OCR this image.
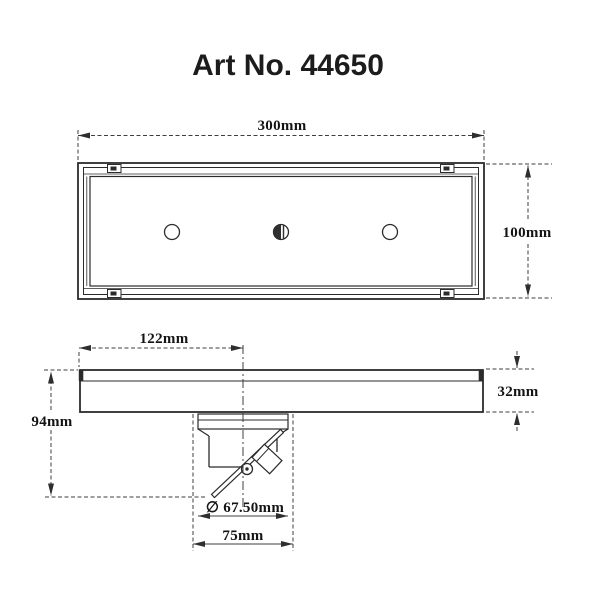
Art No. 44650
300mm
100mm
122mm
32mm
94mm
∅ 67.50mm
75mm
